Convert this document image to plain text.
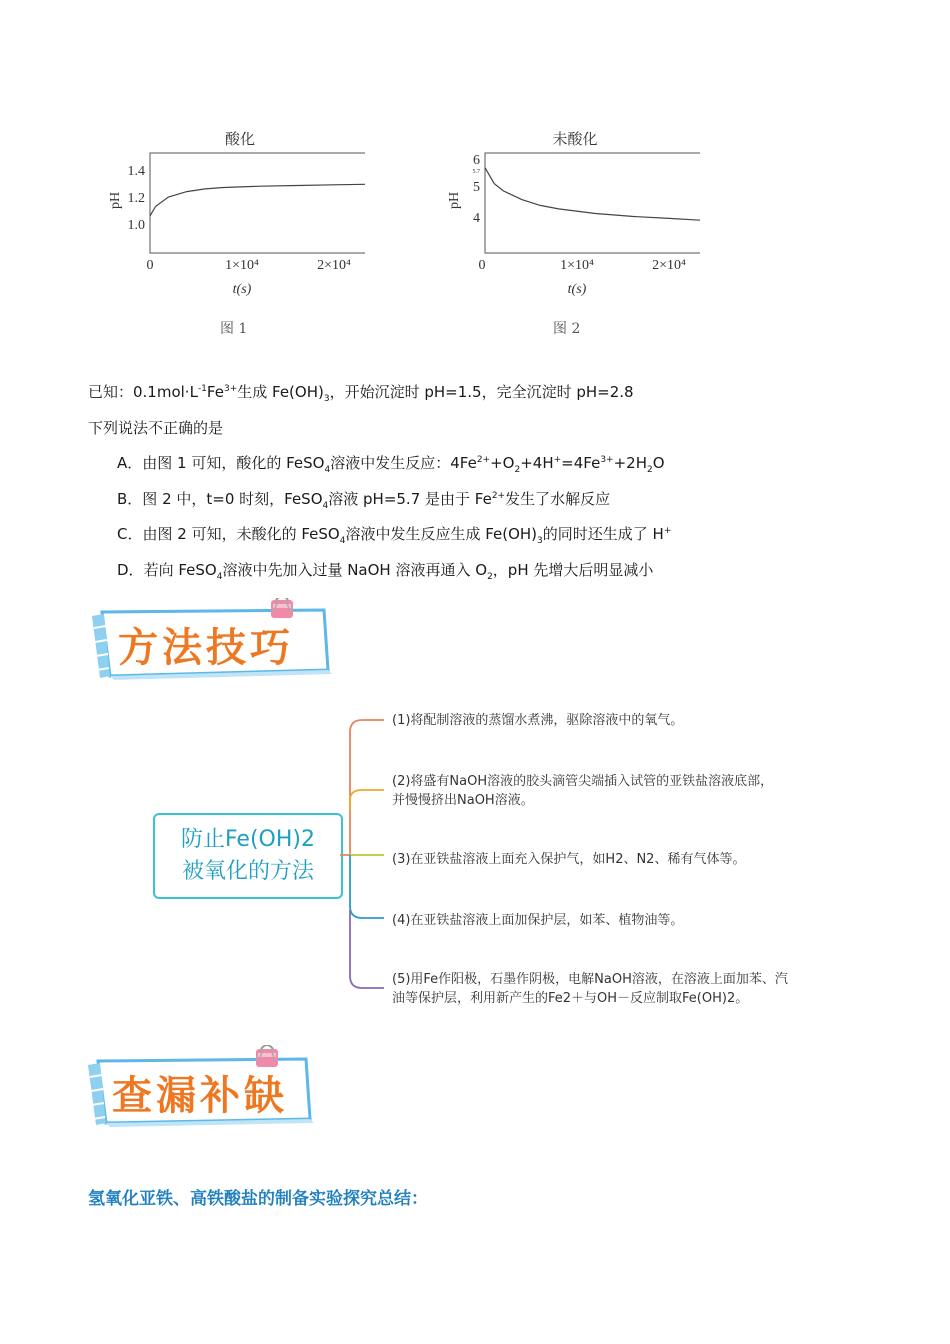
酸化
pH
1.4
1.2
1.0
0	1×10⁴	2×10⁴
t(s)
图 1
pH
6
5.7
5
4
0	1×10⁴	2×10⁴
t(s)
未酸化
图 2
已知：$0.1mol\cdot L^{-1}Fe^{3+}$生成 $Fe(OH)_3$，开始沉淀时 pH=1.5，完全沉淀时 pH=2.8
下列说法不正确的是
A．由图 1 可知，酸化的 FeSO$_4$溶液中发生反应：$4Fe^{2+}+O_2+4H^+=4Fe^{3+}+2H_2O$
B．图 2 中，t=0 时刻，FeSO$_4$溶液 pH=5.7 是由于 $Fe^{2+}$发生了水解反应
C．由图 2 可知，未酸化的 FeSO$_4$溶液中发生反应生成 $Fe(OH)_3$的同时还生成了 H+
D．若向 FeSO$_4$溶液中先加入过量 NaOH 溶液再通入 $O_2$，pH 先增大后明显减小
方法技巧
防止Fe(OH)2
被氧化的方法
(1)将配制溶液的蒸馏水煮沸，驱除溶液中的氧气。
(2)将盛有NaOH溶液的胶头滴管尖端插入试管的亚铁盐溶液底部，
并慢慢挤出NaOH溶液。
(3)在亚铁盐溶液上面充入保护气，如H2、N2、稀有气体等。
(4)在亚铁盐溶液上面加保护层，如苯、植物油等。
(5)用Fe作阳极，石墨作阴极，电解NaOH溶液，在溶液上面加苯、汽
油等保护层，利用新产生的Fe2＋与OH－反应制取Fe(OH)2。
查漏补缺
氢氧化亚铁、高铁酸盐的制备实验探究总结：
